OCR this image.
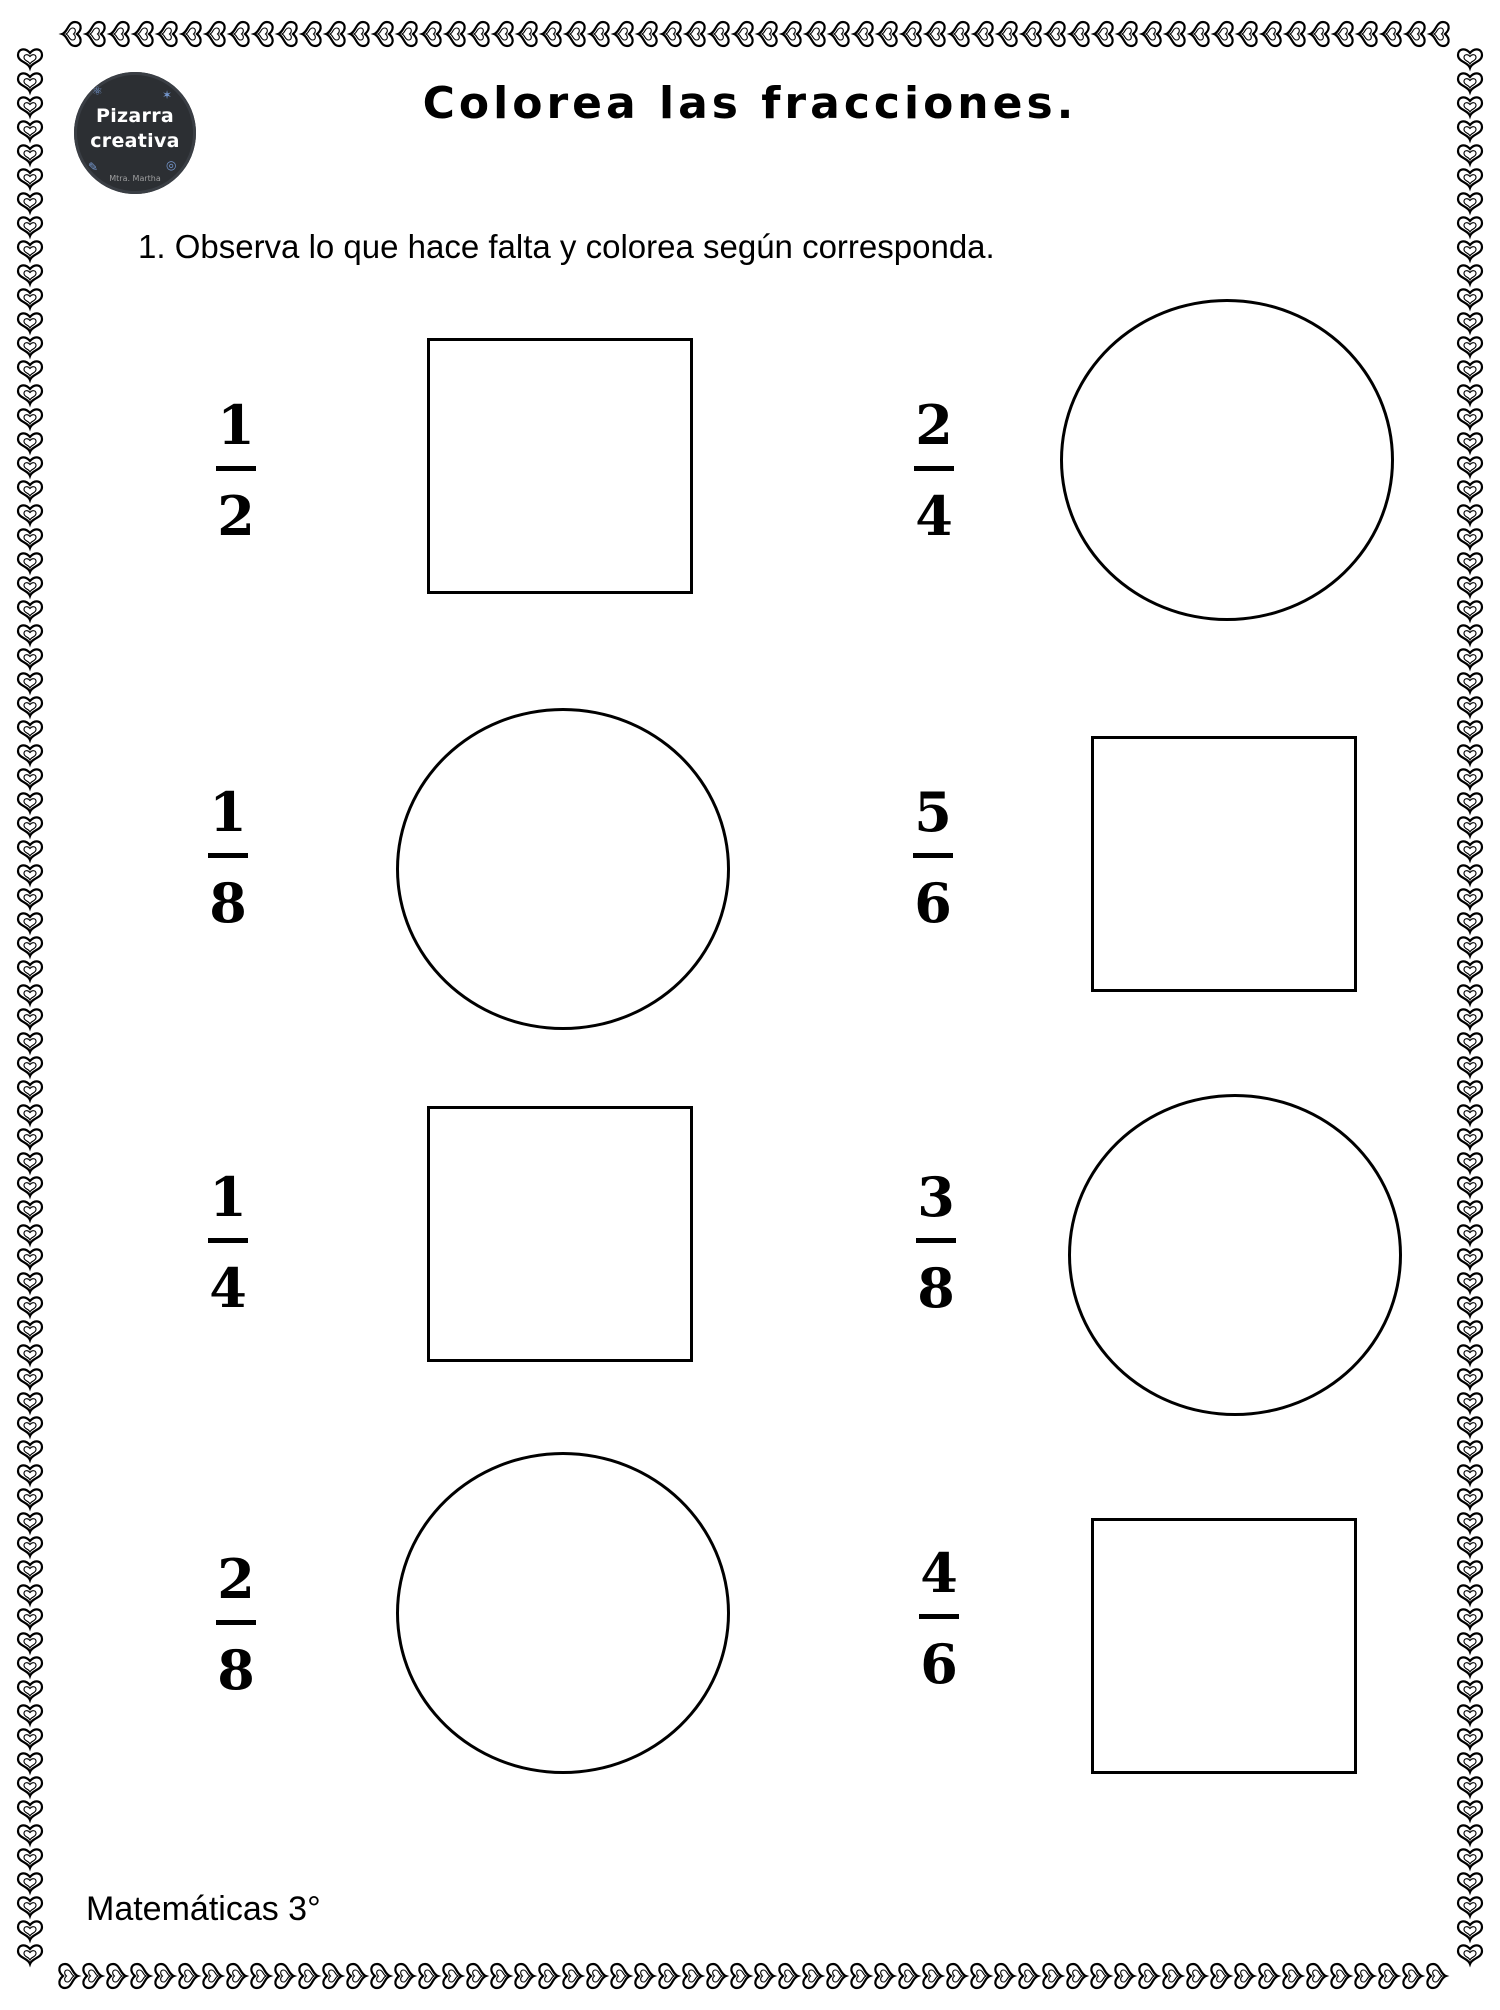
⚛	✶
✎	◎
Pizarra
creativa
Mtra. Martha
Colorea las fracciones.
1. Observa lo que hace falta y colorea según corresponda.
1
2
2
4
1
8
5
6
1
4
3
8
2
8
4
6
Matemáticas 3°
